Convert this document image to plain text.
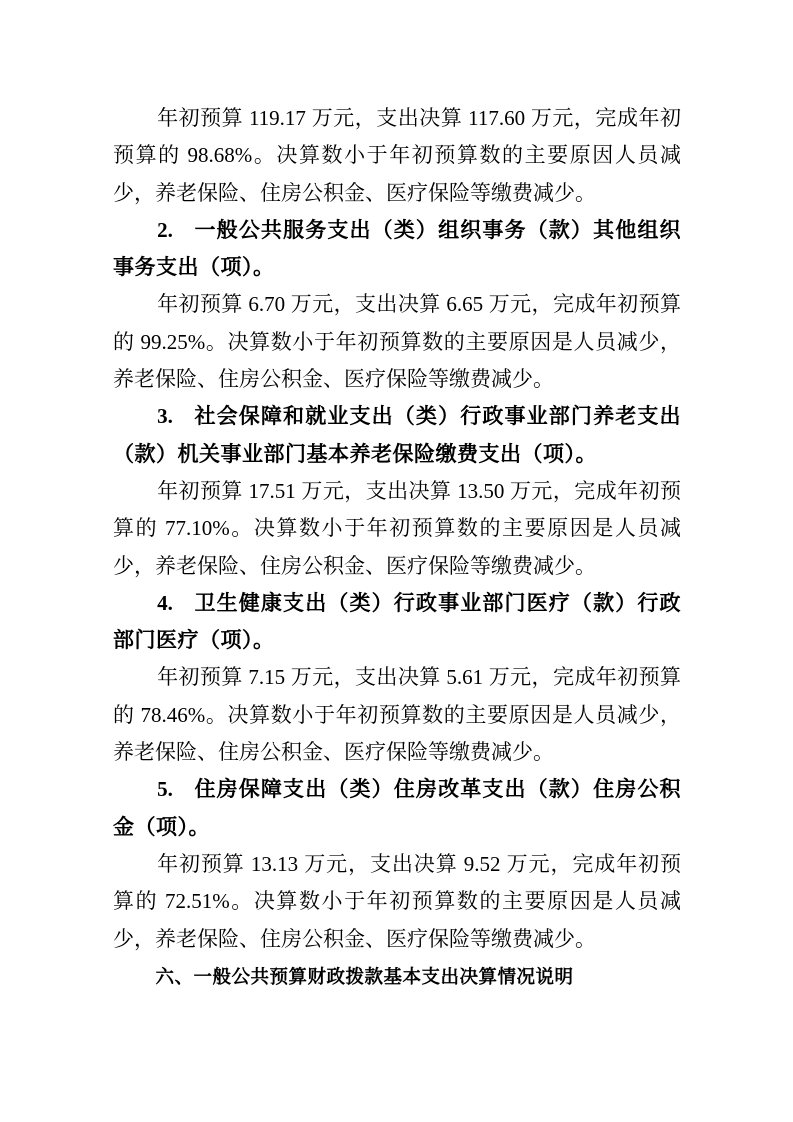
年初预算 119.17 万元，支出决算 117.60 万元，完成年初预算的 98.68%。决算数小于年初预算数的主要原因人员减少，养老保险、住房公积金、医疗保险等缴费减少。

2. 一般公共服务支出（类）组织事务（款）其他组织事务支出（项）。

年初预算 6.70 万元，支出决算 6.65 万元，完成年初预算的 99.25%。决算数小于年初预算数的主要原因是人员减少，养老保险、住房公积金、医疗保险等缴费减少。

3. 社会保障和就业支出（类）行政事业部门养老支出（款）机关事业部门基本养老保险缴费支出（项）。

年初预算 17.51 万元，支出决算 13.50 万元，完成年初预算的 77.10%。决算数小于年初预算数的主要原因是人员减少，养老保险、住房公积金、医疗保险等缴费减少。

4. 卫生健康支出（类）行政事业部门医疗（款）行政部门医疗（项）。

年初预算 7.15 万元，支出决算 5.61 万元，完成年初预算的 78.46%。决算数小于年初预算数的主要原因是人员减少，养老保险、住房公积金、医疗保险等缴费减少。

5. 住房保障支出（类）住房改革支出（款）住房公积金（项）。

年初预算 13.13 万元，支出决算 9.52 万元，完成年初预算的 72.51%。决算数小于年初预算数的主要原因是人员减少，养老保险、住房公积金、医疗保险等缴费减少。

六、一般公共预算财政拨款基本支出决算情况说明
